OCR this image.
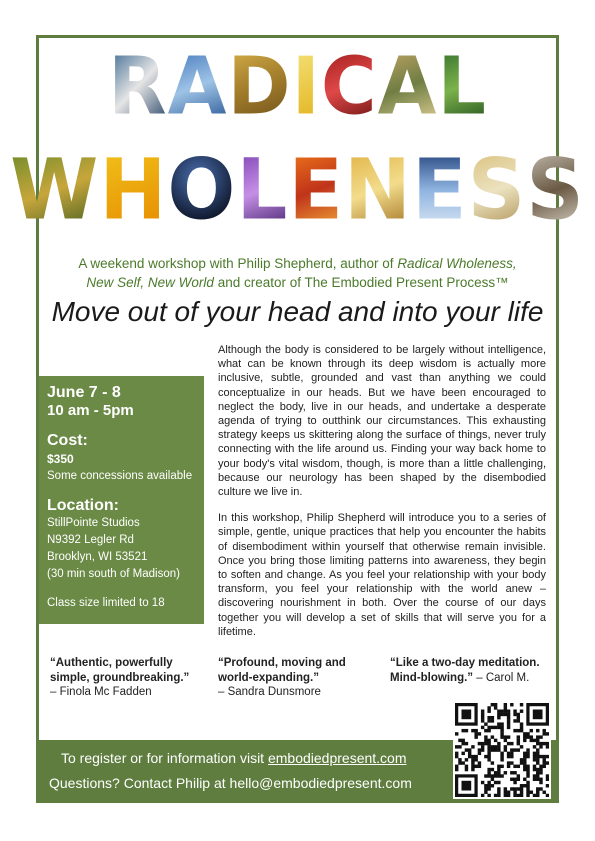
RADICAL
WHOLENESS
A weekend workshop with Philip Shepherd, author of Radical Wholeness,
New Self, New World and creator of The Embodied Present Process™
Move out of your head and into your life

June 7 - 8

10 am - 5pm

Cost:

$350

Some concessions available

Location:

StillPointe Studios

N9392 Legler Rd

Brooklyn, WI 53521

(30 min south of Madison)

Class size limited to 18

Although the body is considered to be largely without intelligence, what can be known through its deep wisdom is actually more inclusive, subtle, grounded and vast than anything we could conceptualize in our heads. But we have been encouraged to neglect the body, live in our heads, and undertake a desperate agenda of trying to outthink our circumstances. This exhausting strategy keeps us skittering along the surface of things, never truly connecting with the life around us. Finding your way back home to your body's vital wisdom, though, is more than a little challenging, because our neurology has been shaped by the disembodied culture we live in.

In this workshop, Philip Shepherd will introduce you to a series of simple, gentle, unique practices that help you encounter the habits of disembodiment within yourself that otherwise remain invisible. Once you bring those limiting patterns into awareness, they begin to soften and change. As you feel your relationship with your body transform, you feel your relationship with the world anew – discovering nourishment in both. Over the course of our days together you will develop a set of skills that will serve you for a lifetime.

“Authentic, powerfully simple, groundbreaking.”
– Finola Mc Fadden
“Profound, moving and world-expanding.”
– Sandra Dunsmore
“Like a two-day meditation. Mind-blowing.” – Carol M.
To register or for information visit embodiedpresent.com
Questions? Contact Philip at hello@embodiedpresent.com
